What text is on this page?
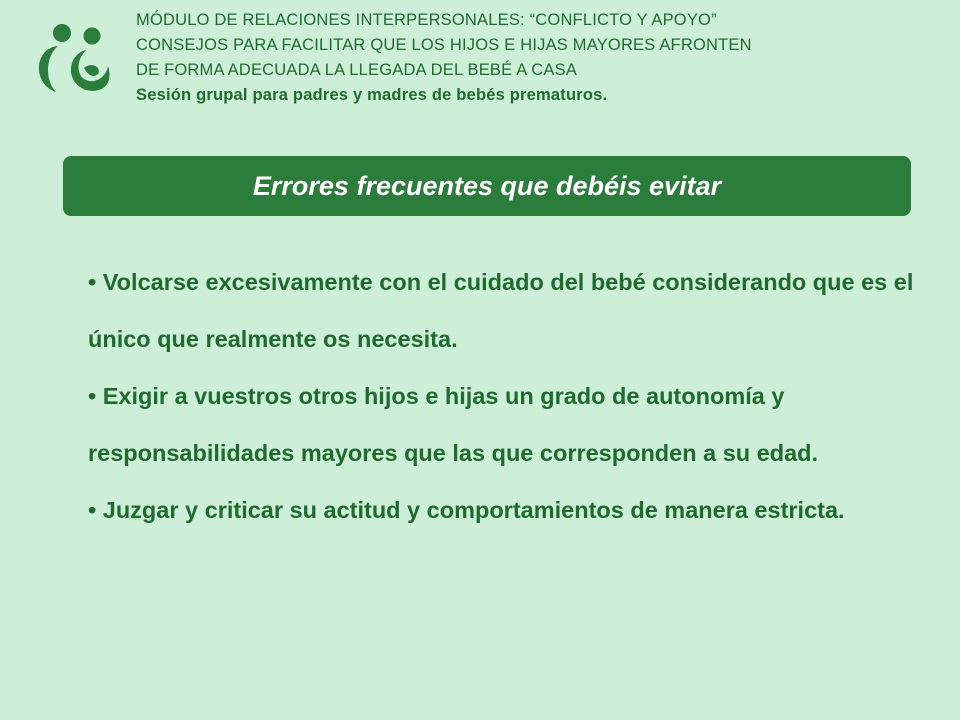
MÓDULO DE RELACIONES INTERPERSONALES: “CONFLICTO Y APOYO”
CONSEJOS PARA FACILITAR QUE LOS HIJOS E HIJAS MAYORES AFRONTEN
DE FORMA ADECUADA LA LLEGADA DEL BEBÉ A CASA
Sesión grupal para padres y madres de bebés prematuros.
Errores frecuentes que debéis evitar

• Volcarse excesivamente con el cuidado del bebé considerando que es el único que realmente os necesita.

• Exigir a vuestros otros hijos e hijas un grado de autonomía y responsabilidades mayores que las que corresponden a su edad.

• Juzgar y criticar su actitud y comportamientos de manera estricta.
